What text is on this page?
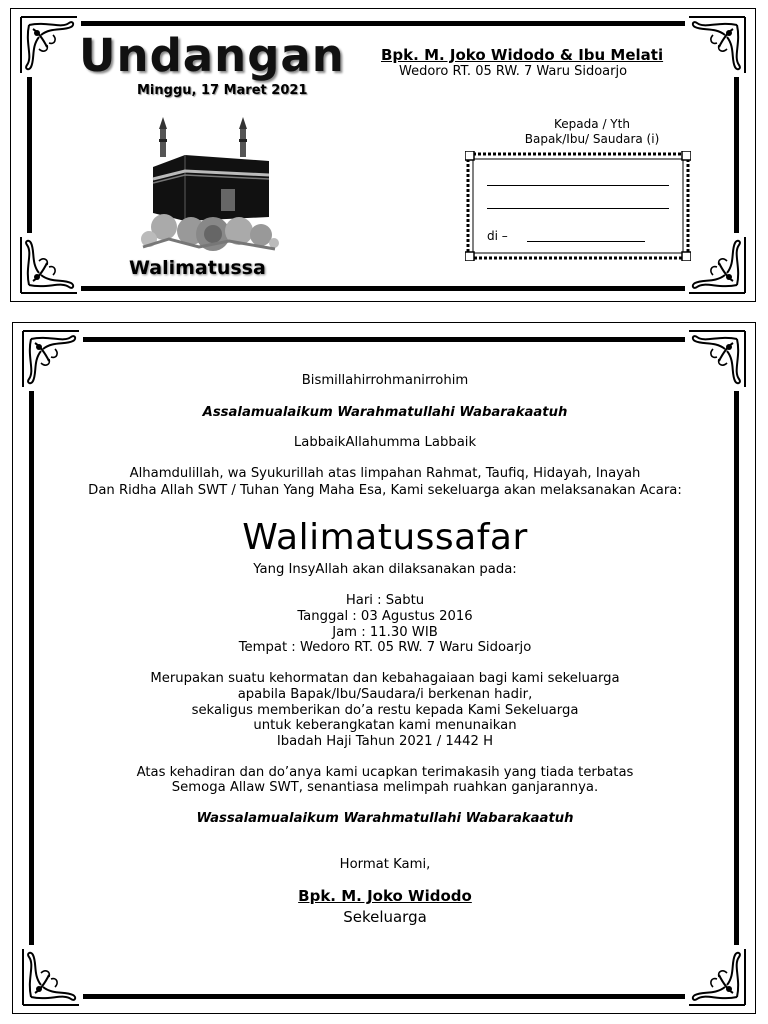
Undangan
Minggu, 17 Maret 2021
Walimatussa
Bpk. M. Joko Widodo & Ibu Melati
Wedoro RT. 05 RW. 7 Waru Sidoarjo
Kepada / Yth
Bapak/Ibu/ Saudara (i)
di –
Bismillahirrohmanirrohim
Assalamualaikum Warahmatullahi Wabarakaatuh
LabbaikAllahumma Labbaik
Alhamdulillah, wa Syukurillah atas limpahan Rahmat, Taufiq, Hidayah, Inayah
Dan Ridha Allah SWT / Tuhan Yang Maha Esa, Kami sekeluarga akan melaksanakan Acara:
Walimatussafar
Yang InsyAllah akan dilaksanakan pada:
Hari : Sabtu
Tanggal : 03 Agustus 2016
Jam : 11.30 WIB
Tempat : Wedoro RT. 05 RW. 7 Waru Sidoarjo
Merupakan suatu kehormatan dan kebahagaiaan bagi kami sekeluarga
apabila Bapak/Ibu/Saudara/i berkenan hadir,
sekaligus memberikan do’a restu kepada Kami Sekeluarga
untuk keberangkatan kami menunaikan
Ibadah Haji Tahun 2021 / 1442 H
Atas kehadiran dan do’anya kami ucapkan terimakasih yang tiada terbatas
Semoga Allaw SWT, senantiasa melimpah ruahkan ganjarannya.
Wassalamualaikum Warahmatullahi Wabarakaatuh
Hormat Kami,
Bpk. M. Joko Widodo
Sekeluarga
